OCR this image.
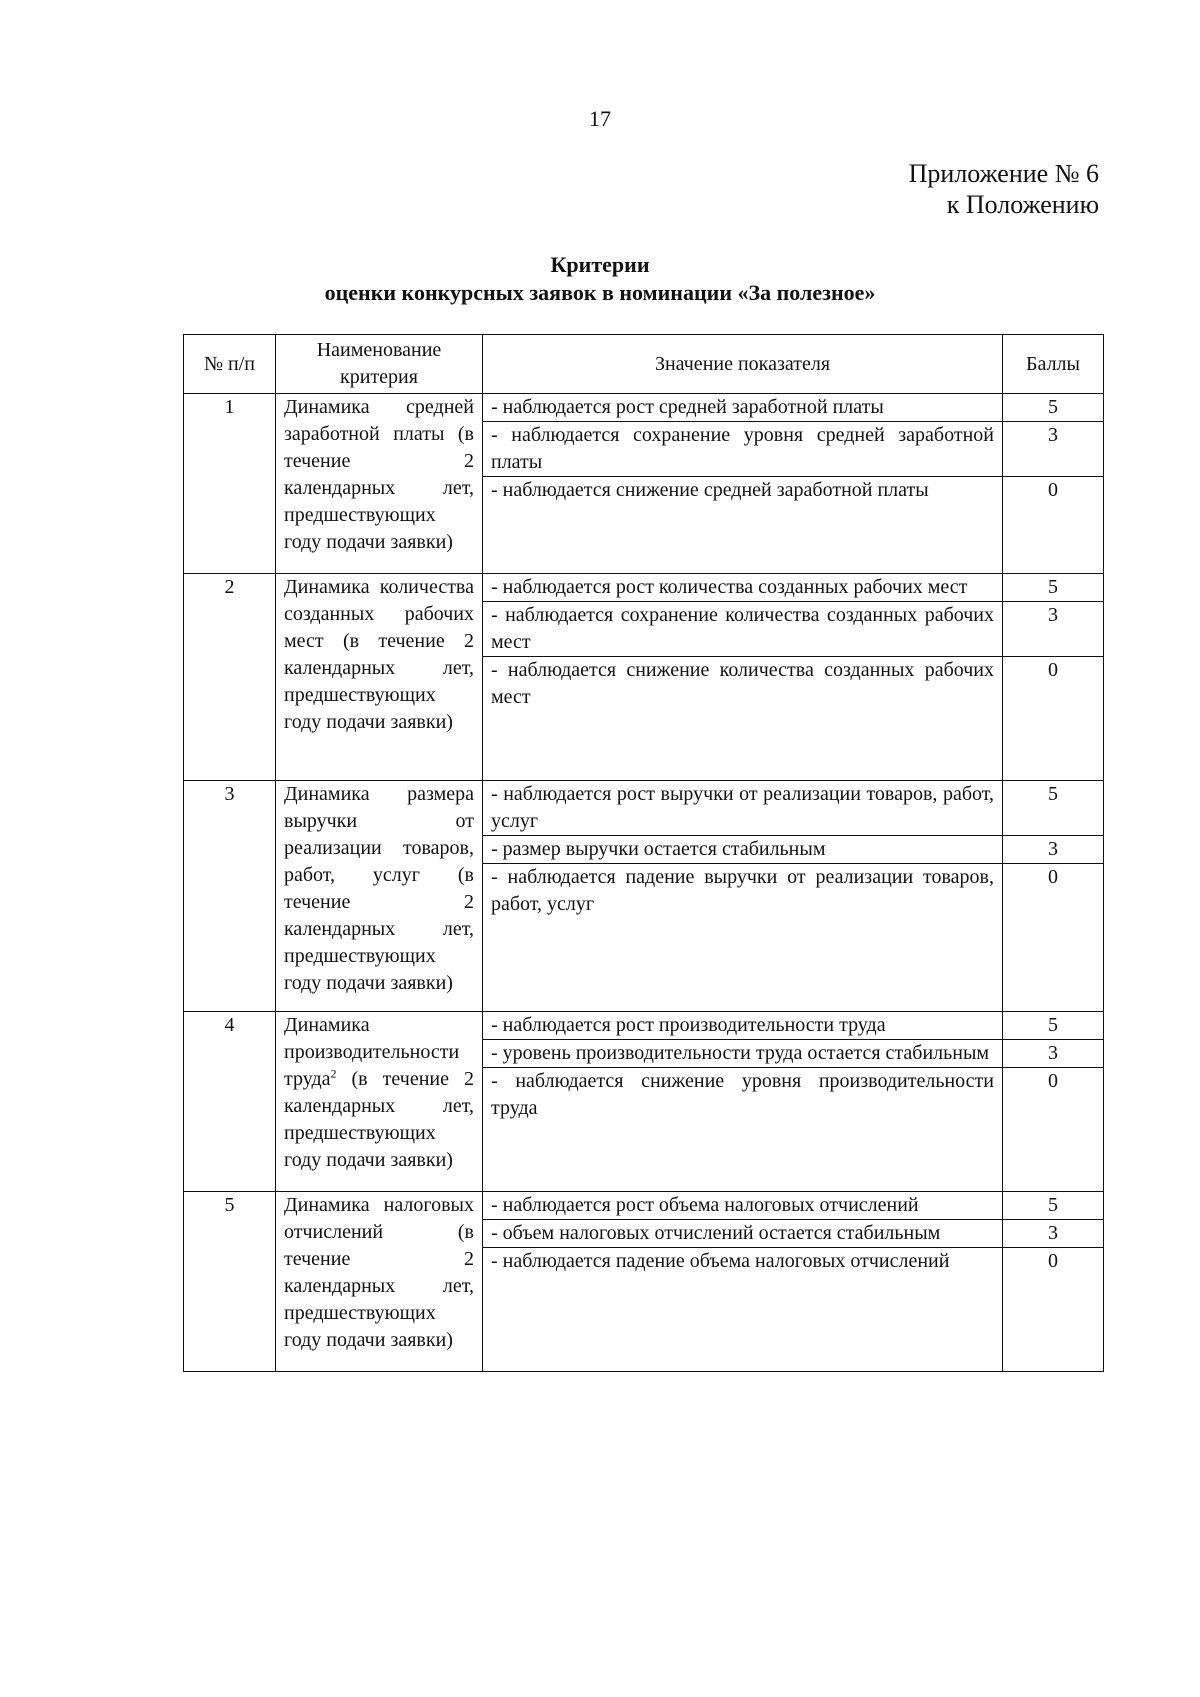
17
Приложение № 6
к Положению
Критерии
оценки конкурсных заявок в номинации «За полезное»
№ п/п	Наименование критерия	Значение показателя	Баллы
1	Динамика средней заработной платы (в течение 2 календарных лет, предшествующих году подачи заявки)	- наблюдается рост средней заработной платы	5
		- наблюдается сохранение уровня средней заработной платы	3
		- наблюдается снижение средней заработной платы	0
2	Динамика количества созданных рабочих мест (в течение 2 календарных лет, предшествующих году подачи заявки)	- наблюдается рост количества созданных рабочих мест	5
		- наблюдается сохранение количества созданных рабочих мест	3
		- наблюдается снижение количества созданных рабочих мест	0
3	Динамика размера выручки от реализации товаров, работ, услуг (в течение 2 календарных лет, предшествующих году подачи заявки)	- наблюдается рост выручки от реализации товаров, работ, услуг	5
		- размер выручки остается стабильным	3
		- наблюдается падение выручки от реализации товаров, работ, услуг	0
4	Динамика производительности труда$^2$ (в течение 2 календарных лет, предшествующих году подачи заявки)	- наблюдается рост производительности труда	5
		- уровень производительности труда остается стабильным	3
		- наблюдается снижение уровня производительности труда	0
5	Динамика налоговых отчислений (в течение 2 календарных лет, предшествующих году подачи заявки)	- наблюдается рост объема налоговых отчислений	5
		- объем налоговых отчислений остается стабильным	3
		- наблюдается падение объема налоговых отчислений	0
